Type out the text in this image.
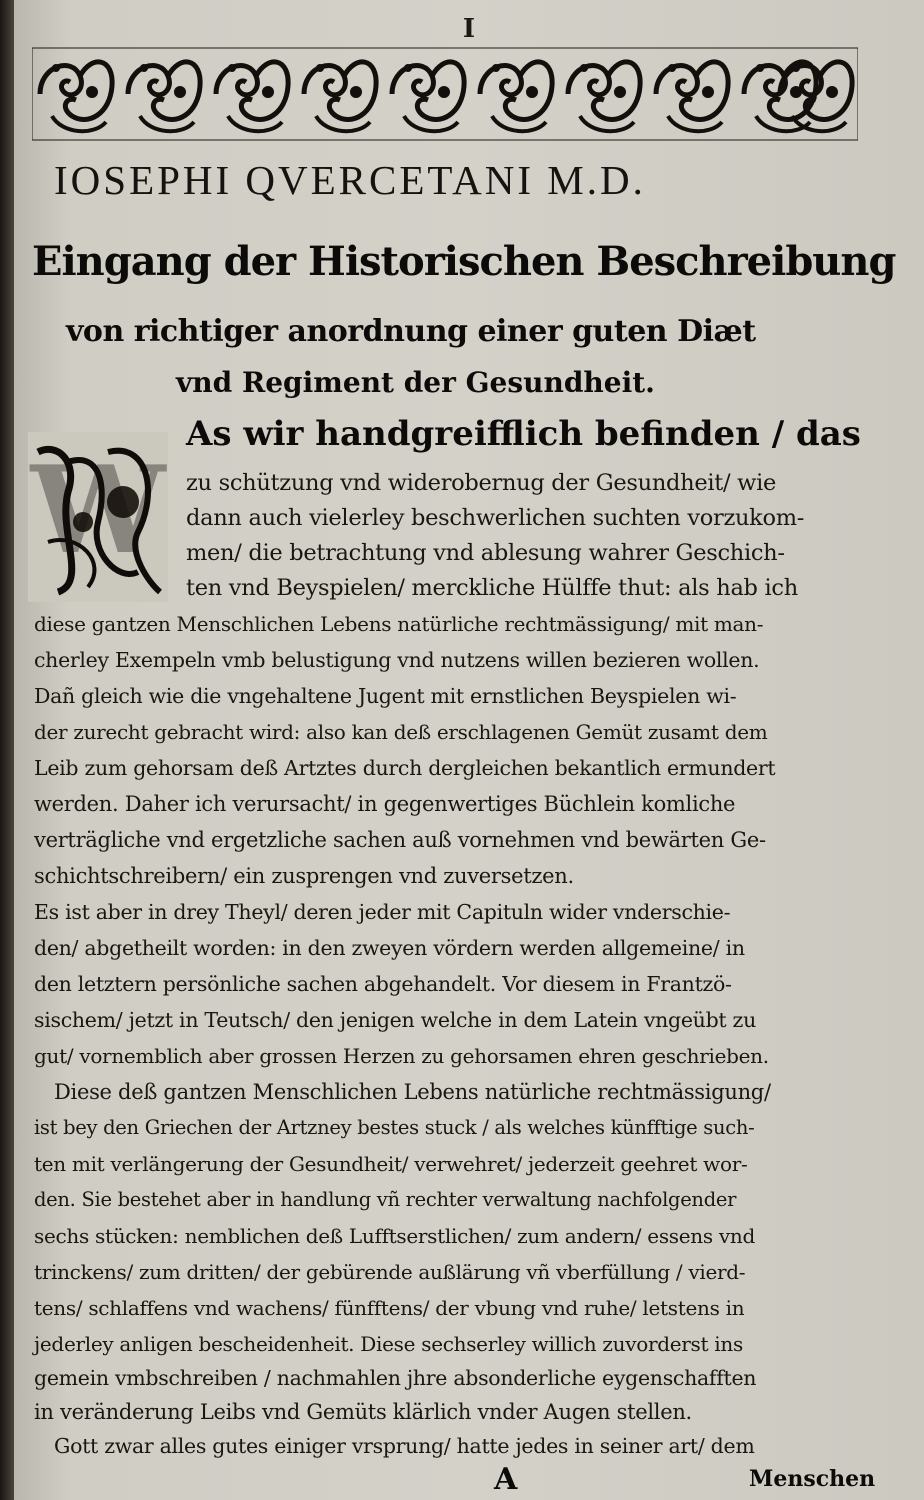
I
IOSEPHI QVERCETANI M.D.
Eingang der Historischen Beschreibung
von richtiger anordnung einer guten Diæt
vnd Regiment der Gesundheit.
W
As wir handgreifflich befinden / das
zu schützung vnd widerobernug der Gesundheit/ wie
dann auch vielerley beschwerlichen suchten vorzukom-
men/ die betrachtung vnd ablesung wahrer Geschich-
ten vnd Beyspielen/ merckliche Hülffe thut: als hab ich
diese gantzen Menschlichen Lebens natürliche rechtmässigung/ mit man-
cherley Exempeln vmb belustigung vnd nutzens willen bezieren wollen.
Dañ gleich wie die vngehaltene Jugent mit ernstlichen Beyspielen wi-
der zurecht gebracht wird: also kan deß erschlagenen Gemüt zusamt dem
Leib zum gehorsam deß Artztes durch dergleichen bekantlich ermundert
werden. Daher ich verursacht/ in gegenwertiges Büchlein komliche
verträgliche vnd ergetzliche sachen auß vornehmen vnd bewärten Ge-
schichtschreibern/ ein zusprengen vnd zuversetzen.
Es ist aber in drey Theyl/ deren jeder mit Capituln wider vnderschie-
den/ abgetheilt worden: in den zweyen vördern werden allgemeine/ in
den letztern persönliche sachen abgehandelt. Vor diesem in Frantzö-
sischem/ jetzt in Teutsch/ den jenigen welche in dem Latein vngeübt zu
gut/ vornemblich aber grossen Herzen zu gehorsamen ehren geschrieben.
Diese deß gantzen Menschlichen Lebens natürliche rechtmässigung/
ist bey den Griechen der Artzney bestes stuck / als welches künfftige such-
ten mit verlängerung der Gesundheit/ verwehret/ jederzeit geehret wor-
den. Sie bestehet aber in handlung vñ rechter verwaltung nachfolgender
sechs stücken: nemblichen deß Lufftserstlichen/ zum andern/ essens vnd
trinckens/ zum dritten/ der gebürende außlärung vñ vberfüllung / vierd-
tens/ schlaffens vnd wachens/ fünfftens/ der vbung vnd ruhe/ letstens in
jederley anligen bescheidenheit. Diese sechserley willich zuvorderst ins
gemein vmbschreiben / nachmahlen jhre absonderliche eygenschafften
in veränderung Leibs vnd Gemüts klärlich vnder Augen stellen.
Gott zwar alles gutes einiger vrsprung/ hatte jedes in seiner art/ dem
A	Menschen
